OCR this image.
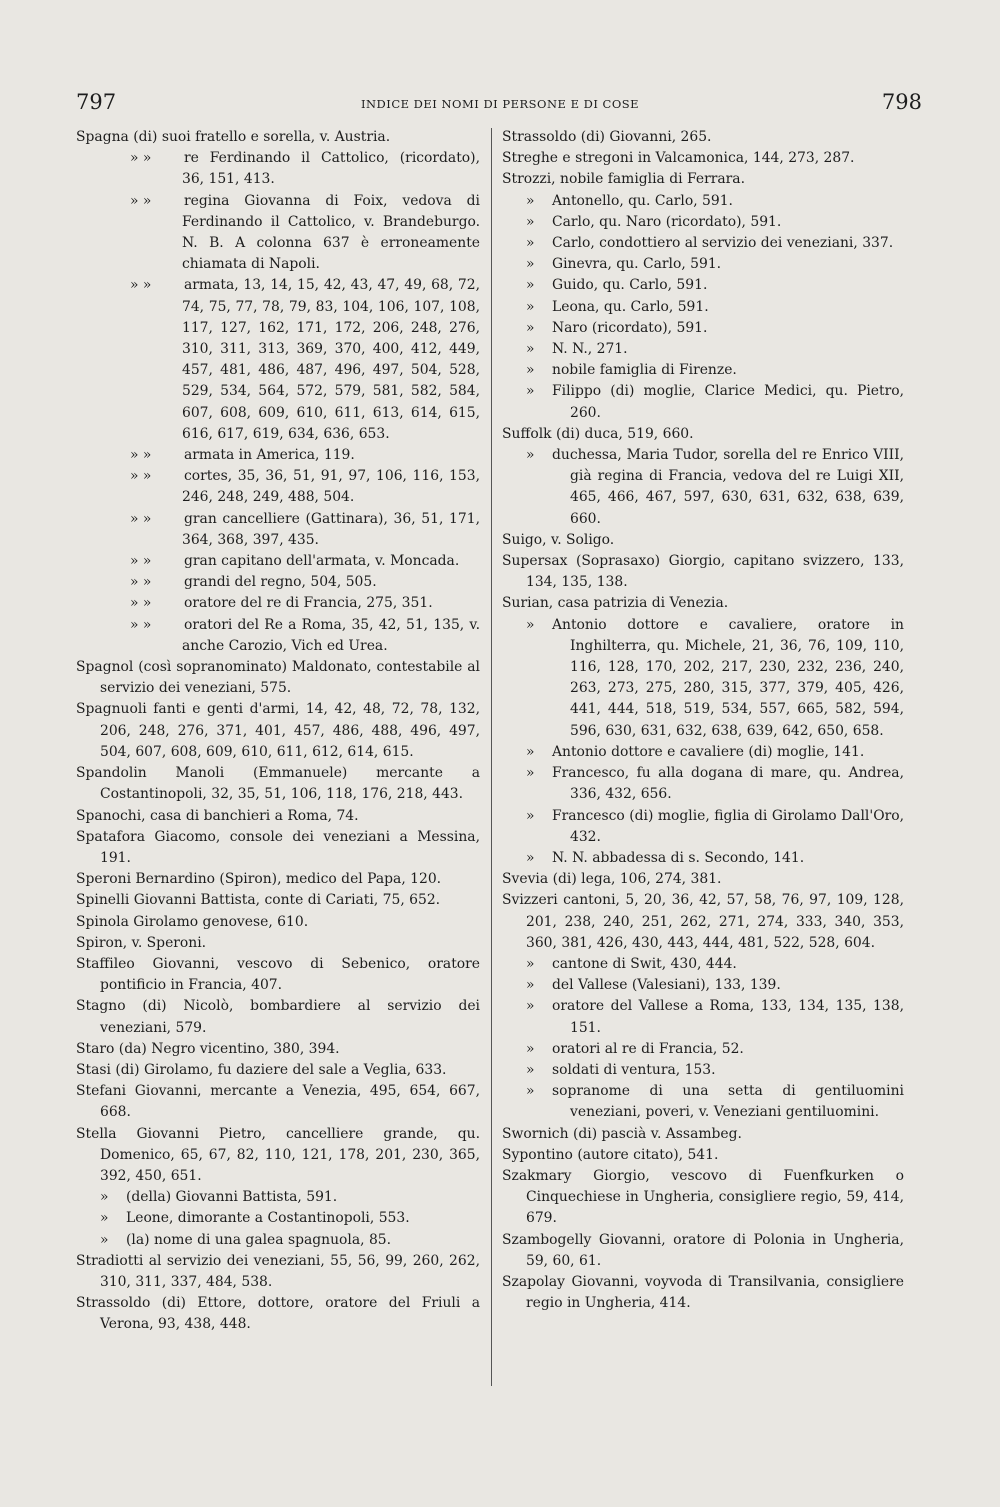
797	INDICE DEI NOMI DI PERSONE E DI COSE	798
Spagna (di) suoi fratello e sorella, v. Austria.
» » re Ferdinando il Cattolico, (ricordato), 36, 151, 413.
» » regina Giovanna di Foix, vedova di Ferdinando il Cattolico, v. Brandeburgo. N. B. A colonna 637 è erroneamente chiamata di Napoli.
» » armata, 13, 14, 15, 42, 43, 47, 49, 68, 72, 74, 75, 77, 78, 79, 83, 104, 106, 107, 108, 117, 127, 162, 171, 172, 206, 248, 276, 310, 311, 313, 369, 370, 400, 412, 449, 457, 481, 486, 487, 496, 497, 504, 528, 529, 534, 564, 572, 579, 581, 582, 584, 607, 608, 609, 610, 611, 613, 614, 615, 616, 617, 619, 634, 636, 653.
» » armata in America, 119.
» » cortes, 35, 36, 51, 91, 97, 106, 116, 153, 246, 248, 249, 488, 504.
» » gran cancelliere (Gattinara), 36, 51, 171, 364, 368, 397, 435.
» » gran capitano dell'armata, v. Moncada.
» » grandi del regno, 504, 505.
» » oratore del re di Francia, 275, 351.
» » oratori del Re a Roma, 35, 42, 51, 135, v. anche Carozio, Vich ed Urea.
Spagnol (così sopranominato) Maldonato, contestabile al servizio dei veneziani, 575.
Spagnuoli fanti e genti d'armi, 14, 42, 48, 72, 78, 132, 206, 248, 276, 371, 401, 457, 486, 488, 496, 497, 504, 607, 608, 609, 610, 611, 612, 614, 615.
Spandolin Manoli (Emmanuele) mercante a Costantinopoli, 32, 35, 51, 106, 118, 176, 218, 443.
Spanochi, casa di banchieri a Roma, 74.
Spatafora Giacomo, console dei veneziani a Messina, 191.
Speroni Bernardino (Spiron), medico del Papa, 120.
Spinelli Giovanni Battista, conte di Cariati, 75, 652.
Spinola Girolamo genovese, 610.
Spiron, v. Speroni.
Staffileo Giovanni, vescovo di Sebenico, oratore pontificio in Francia, 407.
Stagno (di) Nicolò, bombardiere al servizio dei veneziani, 579.
Staro (da) Negro vicentino, 380, 394.
Stasi (di) Girolamo, fu daziere del sale a Veglia, 633.
Stefani Giovanni, mercante a Venezia, 495, 654, 667, 668.
Stella Giovanni Pietro, cancelliere grande, qu. Domenico, 65, 67, 82, 110, 121, 178, 201, 230, 365, 392, 450, 651.
» (della) Giovanni Battista, 591.
» Leone, dimorante a Costantinopoli, 553.
» (la) nome di una galea spagnuola, 85.
Stradiotti al servizio dei veneziani, 55, 56, 99, 260, 262, 310, 311, 337, 484, 538.
Strassoldo (di) Ettore, dottore, oratore del Friuli a Verona, 93, 438, 448.
Strassoldo (di) Giovanni, 265.
Streghe e stregoni in Valcamonica, 144, 273, 287.
Strozzi, nobile famiglia di Ferrara.
» Antonello, qu. Carlo, 591.
» Carlo, qu. Naro (ricordato), 591.
» Carlo, condottiero al servizio dei veneziani, 337.
» Ginevra, qu. Carlo, 591.
» Guido, qu. Carlo, 591.
» Leona, qu. Carlo, 591.
» Naro (ricordato), 591.
» N. N., 271.
» nobile famiglia di Firenze.
» Filippo (di) moglie, Clarice Medici, qu. Pietro, 260.
Suffolk (di) duca, 519, 660.
» duchessa, Maria Tudor, sorella del re Enrico VIII, già regina di Francia, vedova del re Luigi XII, 465, 466, 467, 597, 630, 631, 632, 638, 639, 660.
Suigo, v. Soligo.
Supersax (Soprasaxo) Giorgio, capitano svizzero, 133, 134, 135, 138.
Surian, casa patrizia di Venezia.
» Antonio dottore e cavaliere, oratore in Inghilterra, qu. Michele, 21, 36, 76, 109, 110, 116, 128, 170, 202, 217, 230, 232, 236, 240, 263, 273, 275, 280, 315, 377, 379, 405, 426, 441, 444, 518, 519, 534, 557, 665, 582, 594, 596, 630, 631, 632, 638, 639, 642, 650, 658.
» Antonio dottore e cavaliere (di) moglie, 141.
» Francesco, fu alla dogana di mare, qu. Andrea, 336, 432, 656.
» Francesco (di) moglie, figlia di Girolamo Dall'Oro, 432.
» N. N. abbadessa di s. Secondo, 141.
Svevia (di) lega, 106, 274, 381.
Svizzeri cantoni, 5, 20, 36, 42, 57, 58, 76, 97, 109, 128, 201, 238, 240, 251, 262, 271, 274, 333, 340, 353, 360, 381, 426, 430, 443, 444, 481, 522, 528, 604.
» cantone di Swit, 430, 444.
» del Vallese (Valesiani), 133, 139.
» oratore del Vallese a Roma, 133, 134, 135, 138, 151.
» oratori al re di Francia, 52.
» soldati di ventura, 153.
» sopranome di una setta di gentiluomini veneziani, poveri, v. Veneziani gentiluomini.
Swornich (di) pascià v. Assambeg.
Sypontino (autore citato), 541.
Szakmary Giorgio, vescovo di Fuenfkurken o Cinquechiese in Ungheria, consigliere regio, 59, 414, 679.
Szambogelly Giovanni, oratore di Polonia in Ungheria, 59, 60, 61.
Szapolay Giovanni, voyvoda di Transilvania, consigliere regio in Ungheria, 414.
